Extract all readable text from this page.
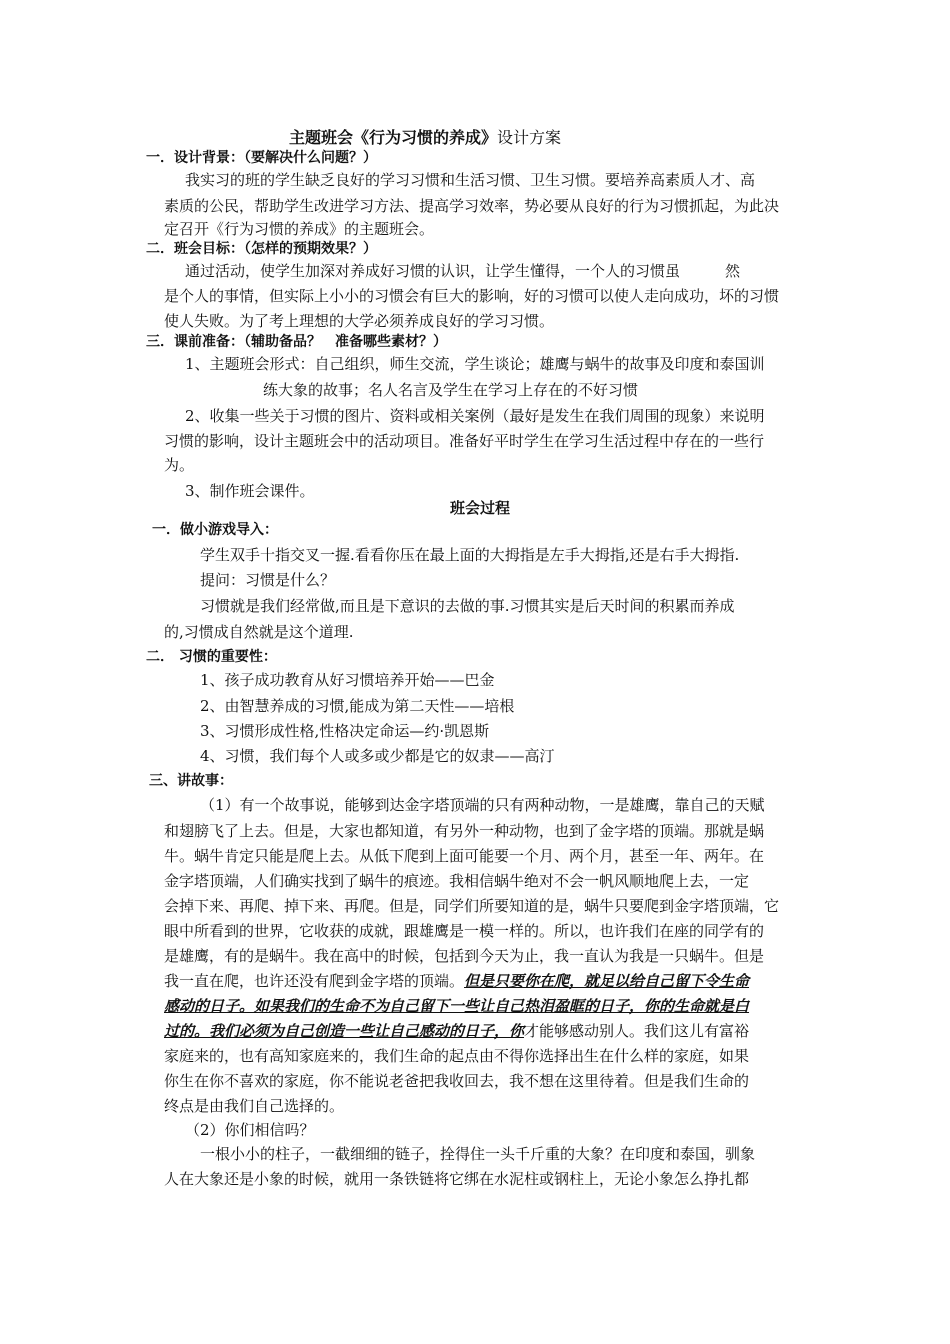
主题班会《行为习惯的养成》设计方案

一．设计背景：（要解决什么问题？）

我实习的班的学生缺乏良好的学习习惯和生活习惯、卫生习惯。要培养高素质人才、高

素质的公民，帮助学生改进学习方法、提高学习效率，势必要从良好的行为习惯抓起，为此决

定召开《行为习惯的养成》的主题班会。

二．班会目标：（怎样的预期效果？）

通过活动，使学生加深对养成好习惯的认识，让学生懂得，一个人的习惯虽　　　然

是个人的事情，但实际上小小的习惯会有巨大的影响，好的习惯可以使人走向成功，坏的习惯

使人失败。为了考上理想的大学必须养成良好的学习习惯。

三．课前准备：（辅助备品？　准备哪些素材？）

1、主题班会形式：自己组织，师生交流，学生谈论；雄鹰与蜗牛的故事及印度和泰国训

练大象的故事；名人名言及学生在学习上存在的不好习惯

2、收集一些关于习惯的图片、资料或相关案例（最好是发生在我们周围的现象）来说明

习惯的影响，设计主题班会中的活动项目。准备好平时学生在学习生活过程中存在的一些行

为。

3、制作班会课件。

班会过程

一．做小游戏导入：

学生双手十指交叉一握.看看你压在最上面的大拇指是左手大拇指,还是右手大拇指.

提问：习惯是什么？

习惯就是我们经常做,而且是下意识的去做的事.习惯其实是后天时间的积累而养成

的,习惯成自然就是这个道理.

二． 习惯的重要性：

1、孩子成功教育从好习惯培养开始——巴金

2、由智慧养成的习惯,能成为第二天性——培根

3、习惯形成性格,性格决定命运—约·凯恩斯

4、习惯，我们每个人或多或少都是它的奴隶——高汀

三、讲故事：

（1）有一个故事说，能够到达金字塔顶端的只有两种动物，一是雄鹰，靠自己的天赋

和翅膀飞了上去。但是，大家也都知道，有另外一种动物，也到了金字塔的顶端。那就是蜗

牛。蜗牛肯定只能是爬上去。从低下爬到上面可能要一个月、两个月，甚至一年、两年。在

金字塔顶端，人们确实找到了蜗牛的痕迹。我相信蜗牛绝对不会一帆风顺地爬上去，一定

会掉下来、再爬、掉下来、再爬。但是，同学们所要知道的是，蜗牛只要爬到金字塔顶端，它

眼中所看到的世界，它收获的成就，跟雄鹰是一模一样的。所以，也许我们在座的同学有的

是雄鹰，有的是蜗牛。我在高中的时候，包括到今天为止，我一直认为我是一只蜗牛。但是

我一直在爬，也许还没有爬到金字塔的顶端。但是只要你在爬，就足以给自己留下令生命

感动的日子。如果我们的生命不为自己留下一些让自己热泪盈眶的日子，你的生命就是白

过的。我们必须为自己创造一些让自己感动的日子，你才能够感动别人。我们这儿有富裕

家庭来的，也有高知家庭来的，我们生命的起点由不得你选择出生在什么样的家庭，如果

你生在你不喜欢的家庭，你不能说老爸把我收回去，我不想在这里待着。但是我们生命的

终点是由我们自己选择的。

（2）你们相信吗？

一根小小的柱子，一截细细的链子，拴得住一头千斤重的大象？在印度和泰国，驯象

人在大象还是小象的时候，就用一条铁链将它绑在水泥柱或钢柱上，无论小象怎么挣扎都
